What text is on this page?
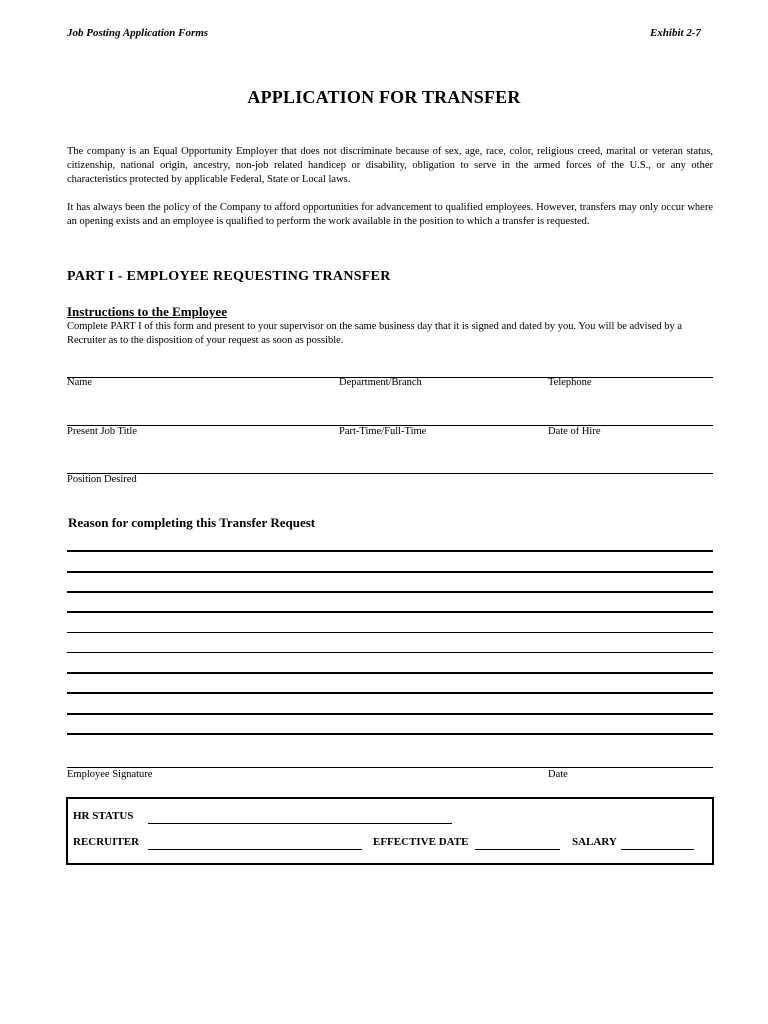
Job Posting Application Forms	Exhibit 2-7
APPLICATION FOR TRANSFER
The company is an Equal Opportunity Employer that does not discriminate because of sex, age, race, color, religious creed, marital or veteran status, citizenship, national origin, ancestry, non-job related handicep or disability, obligation to serve in the armed forces of the U.S., or any other characteristics protected by applicable Federal, State or Local laws.
It has always been the policy of the Company to afford opportunities for advancement to qualified employees. However, transfers may only occur where an opening exists and an employee is qualified to perform the work available in the position to which a transfer is requested.
PART I - EMPLOYEE REQUESTING TRANSFER
Instructions to the Employee
Complete PART I of this form and present to your supervisor on the same business day that it is signed and dated by you. You will be advised by a Recruiter as to the disposition of your request as soon as possible.
Name	Department/Branch	Telephone
Present Job Title	Part-Time/Full-Time	Date of Hire
Position Desired
Reason for completing this Transfer Request
Employee Signature	Date
HR STATUS
RECRUITER	EFFECTIVE DATE	SALARY
